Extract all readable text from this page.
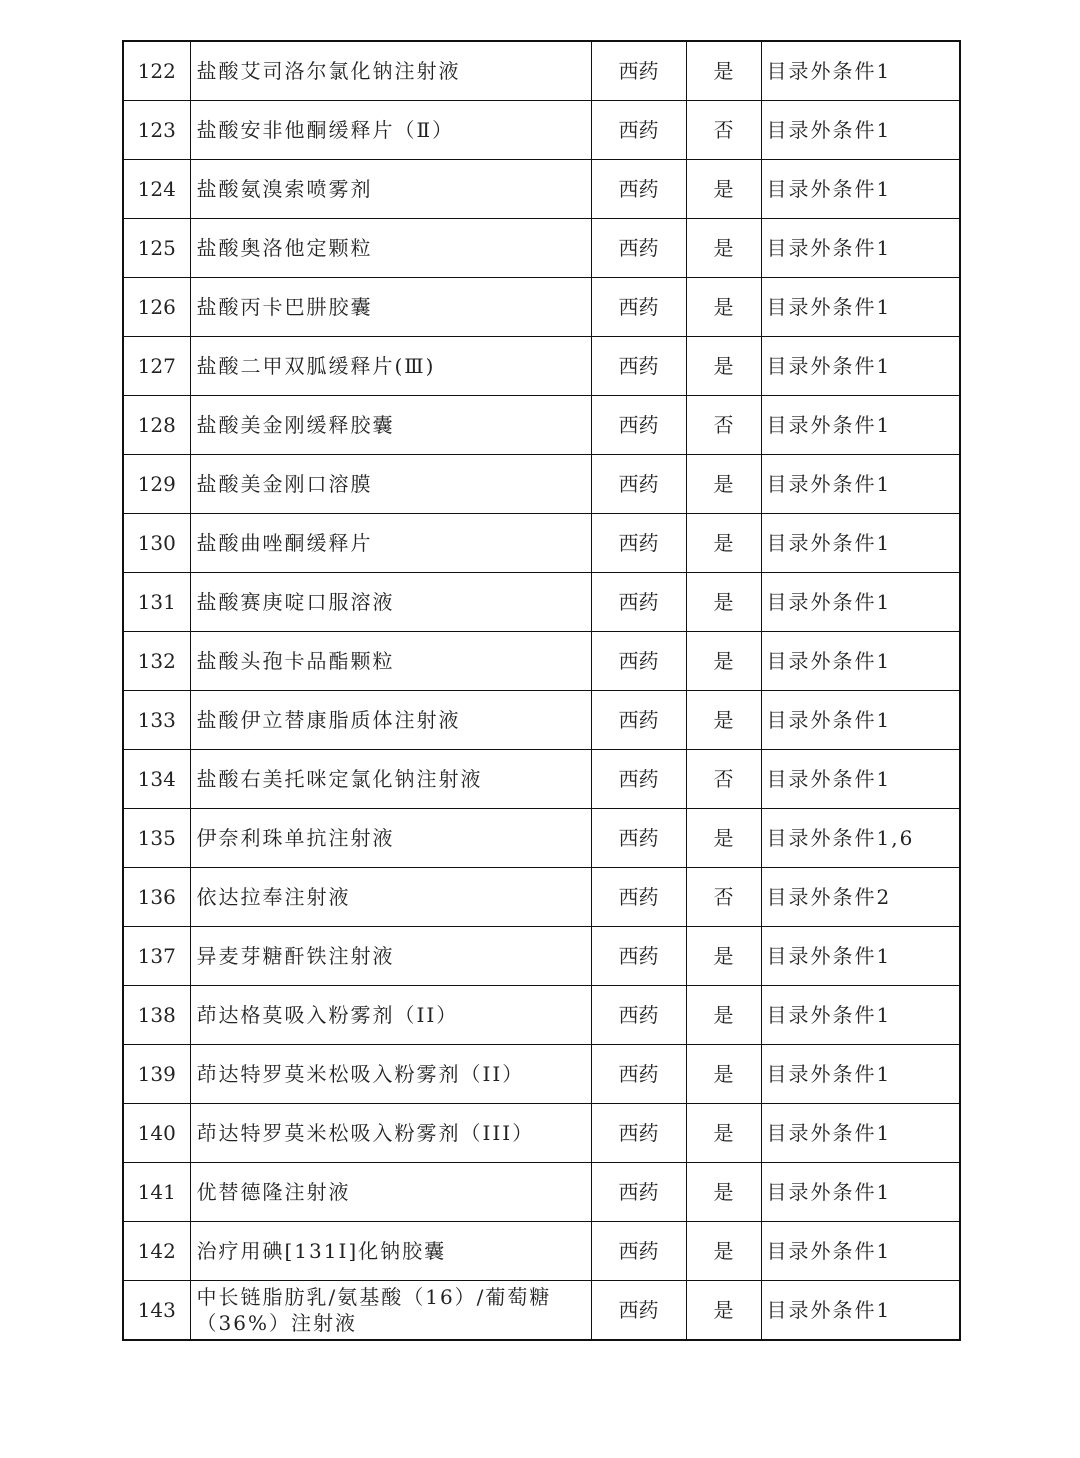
122	盐酸艾司洛尔氯化钠注射液	西药	是	目录外条件1
123	盐酸安非他酮缓释片（Ⅱ）	西药	否	目录外条件1
124	盐酸氨溴索喷雾剂	西药	是	目录外条件1
125	盐酸奥洛他定颗粒	西药	是	目录外条件1
126	盐酸丙卡巴肼胶囊	西药	是	目录外条件1
127	盐酸二甲双胍缓释片(Ⅲ)	西药	是	目录外条件1
128	盐酸美金刚缓释胶囊	西药	否	目录外条件1
129	盐酸美金刚口溶膜	西药	是	目录外条件1
130	盐酸曲唑酮缓释片	西药	是	目录外条件1
131	盐酸赛庚啶口服溶液	西药	是	目录外条件1
132	盐酸头孢卡品酯颗粒	西药	是	目录外条件1
133	盐酸伊立替康脂质体注射液	西药	是	目录外条件1
134	盐酸右美托咪定氯化钠注射液	西药	否	目录外条件1
135	伊奈利珠单抗注射液	西药	是	目录外条件1,6
136	依达拉奉注射液	西药	否	目录外条件2
137	异麦芽糖酐铁注射液	西药	是	目录外条件1
138	茚达格莫吸入粉雾剂（II）	西药	是	目录外条件1
139	茚达特罗莫米松吸入粉雾剂（II）	西药	是	目录外条件1
140	茚达特罗莫米松吸入粉雾剂（III）	西药	是	目录外条件1
141	优替德隆注射液	西药	是	目录外条件1
142	治疗用碘[131I]化钠胶囊	西药	是	目录外条件1
143	中长链脂肪乳/氨基酸（16）/葡萄糖（36%）注射液	西药	是	目录外条件1
